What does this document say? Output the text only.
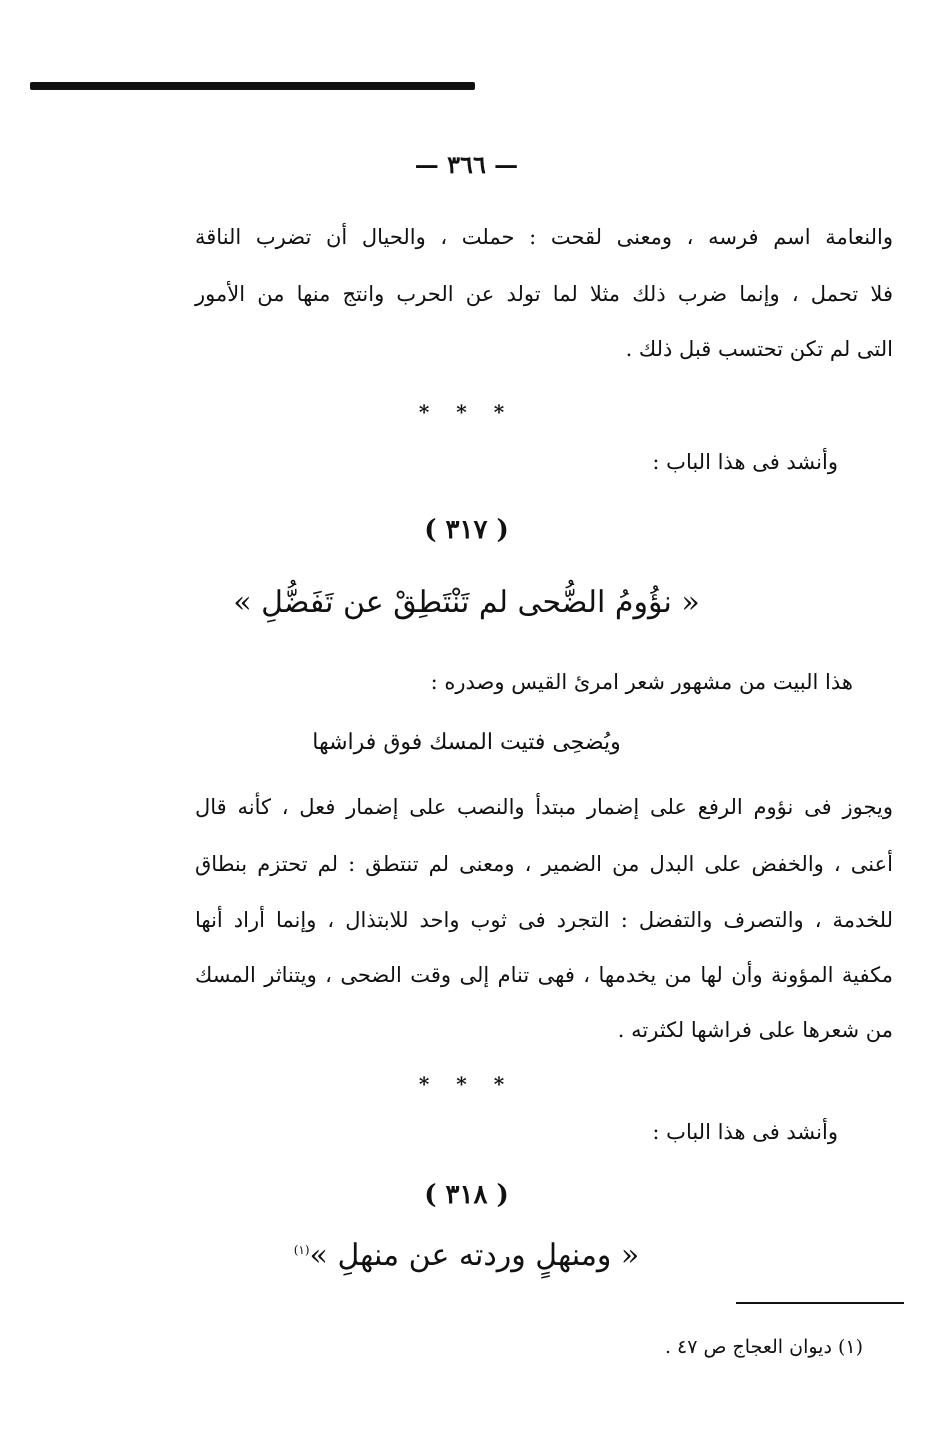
— ٣٦٦ —
والنعامة اسم فرسه ، ومعنى لقحت : حملت ، والحيال أن تضرب الناقة
فلا تحمل ، وإنما ضرب ذلك مثلا لما تولد عن الحرب وانتج منها من الأمور
التى لم تكن تحتسب قبل ذلك .
* * *
وأنشد فى هذا الباب :
( ٣١٧ )
« نؤُومُ الضُّحى لم تَنْتَطِقْ عن تَفَضُّلِ »
هذا البيت من مشهور شعر امرئ القيس وصدره :
ويُضحِى فتيت المسك فوق فراشها
ويجوز فى نؤوم الرفع على إضمار مبتدأ والنصب على إضمار فعل ، كأنه قال
أعنى ، والخفض على البدل من الضمير ، ومعنى لم تنتطق : لم تحتزم بنطاق
للخدمة ، والتصرف والتفضل : التجرد فى ثوب واحد للابتذال ، وإنما أراد أنها
مكفية المؤونة وأن لها من يخدمها ، فهى تنام إلى وقت الضحى ، ويتناثر المسك
من شعرها على فراشها لكثرته .
* * *
وأنشد فى هذا الباب :
( ٣١٨ )
« ومنهلٍ وردته عن منهلِ »$^{(١)}$
(١) ديوان العجاج ص ٤٧ .
